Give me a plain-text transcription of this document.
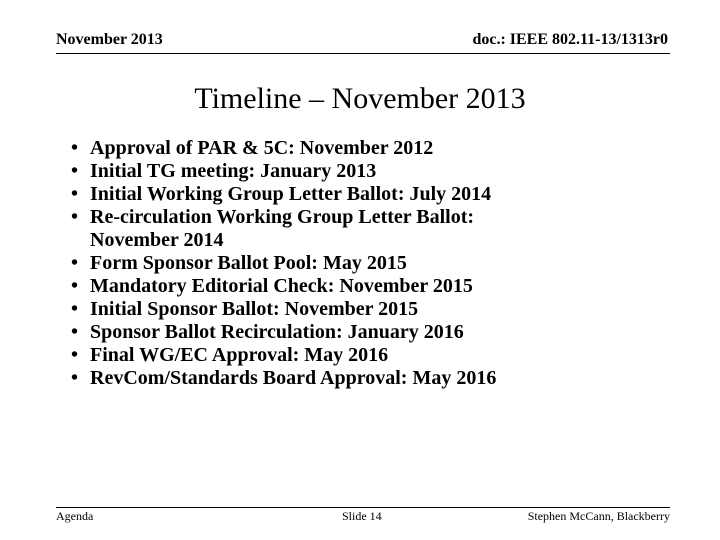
November 2013	doc.: IEEE 802.11-13/1313r0
Timeline – November 2013
• Approval of PAR & 5C: November 2012
• Initial TG meeting: January 2013
• Initial Working Group Letter Ballot: July 2014
• Re-circulation Working Group Letter Ballot:
November 2014
• Form Sponsor Ballot Pool: May 2015
• Mandatory Editorial Check: November 2015
• Initial Sponsor Ballot: November 2015
• Sponsor Ballot Recirculation: January 2016
• Final WG/EC Approval: May 2016
• RevCom/Standards Board Approval: May 2016
Agenda	Slide 14	Stephen McCann, Blackberry
